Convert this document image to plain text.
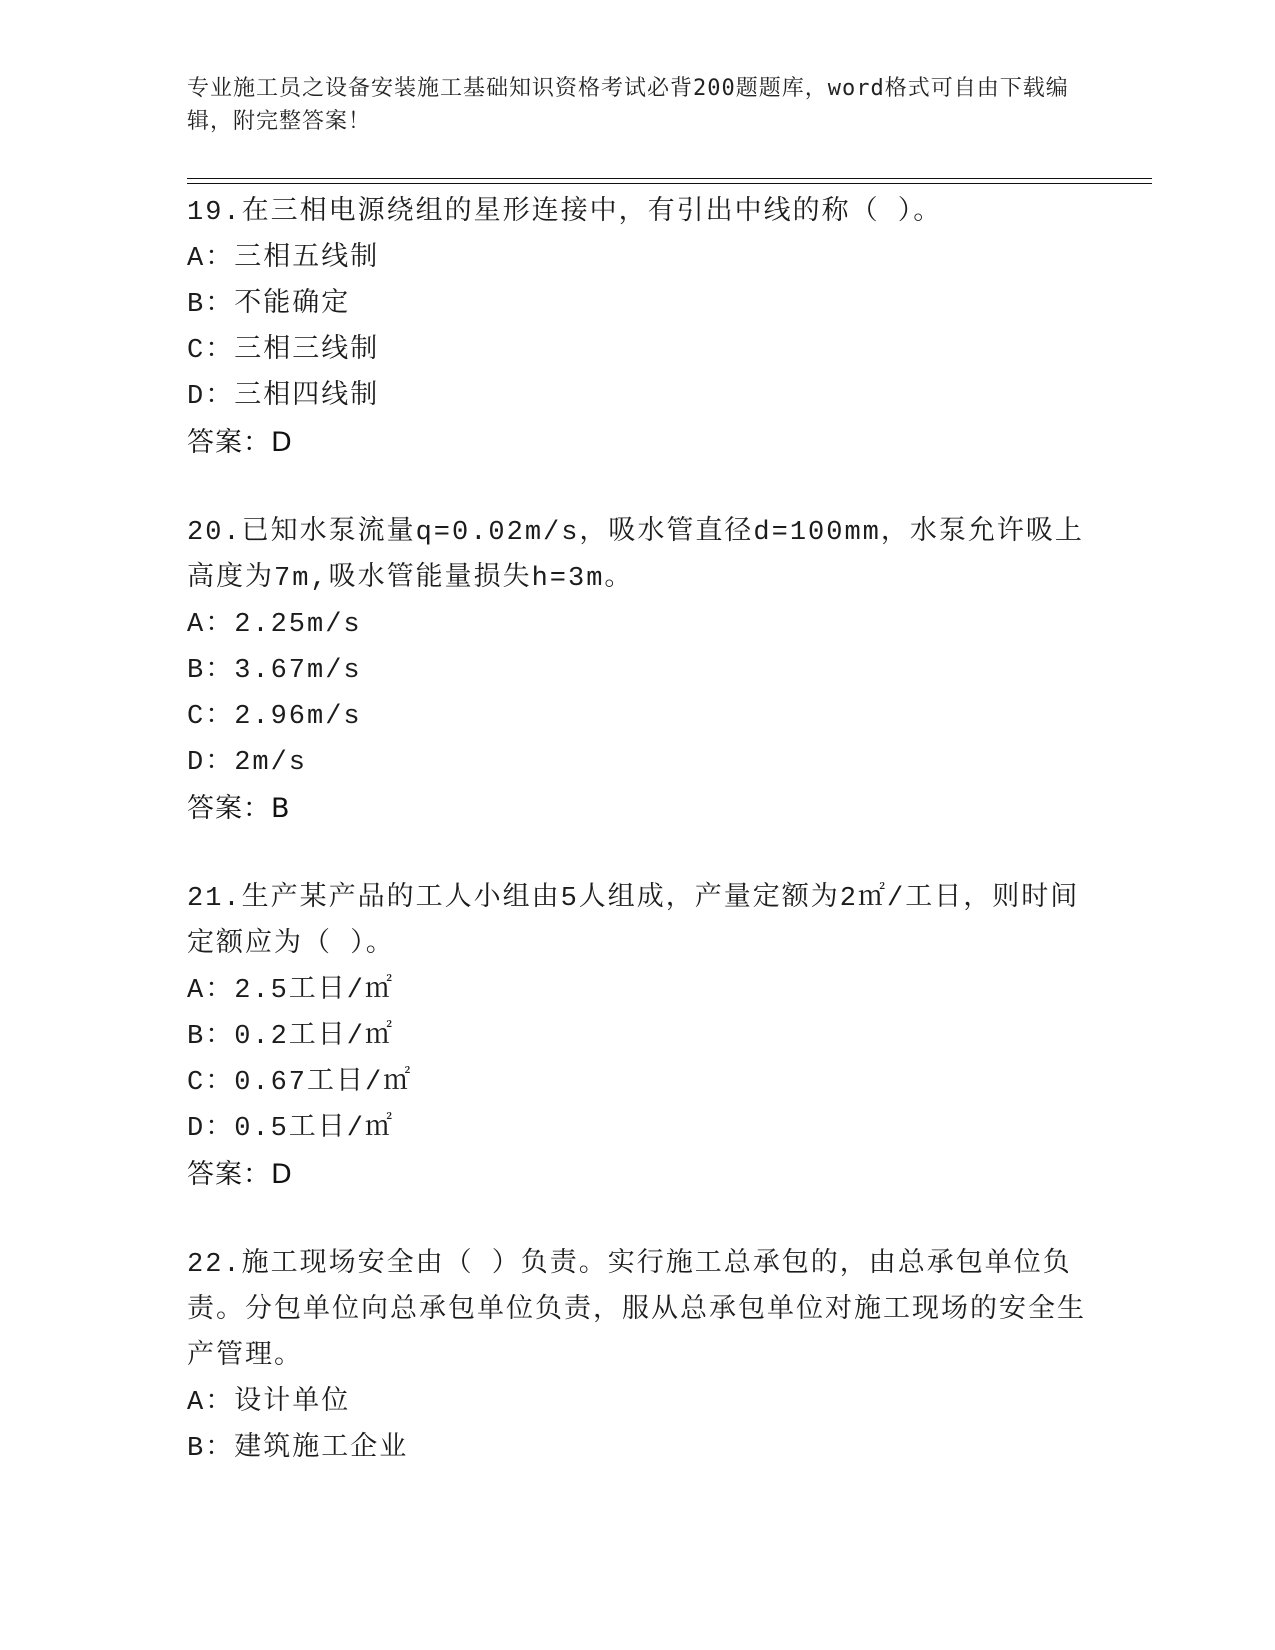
专业施工员之设备安装施工基础知识资格考试必背200题题库，word格式可自由下载编辑，附完整答案！
19.在三相电源绕组的星形连接中，有引出中线的称（ ）。
A：三相五线制
B：不能确定
C：三相三线制
D：三相四线制
答案：D
20.已知水泵流量q=0.02m/s，吸水管直径d=100mm，水泵允许吸上高度为7m,吸水管能量损失h=3m。
A：2.25m/s
B：3.67m/s
C：2.96m/s
D：2m/s
答案：B
21.生产某产品的工人小组由5人组成，产量定额为2㎡/工日，则时间定额应为（ ）。
A：2.5工日/㎡
B：0.2工日/㎡
C：0.67工日/㎡
D：0.5工日/㎡
答案：D
22.施工现场安全由（ ）负责。实行施工总承包的，由总承包单位负责。分包单位向总承包单位负责，服从总承包单位对施工现场的安全生产管理。
A：设计单位
B：建筑施工企业
